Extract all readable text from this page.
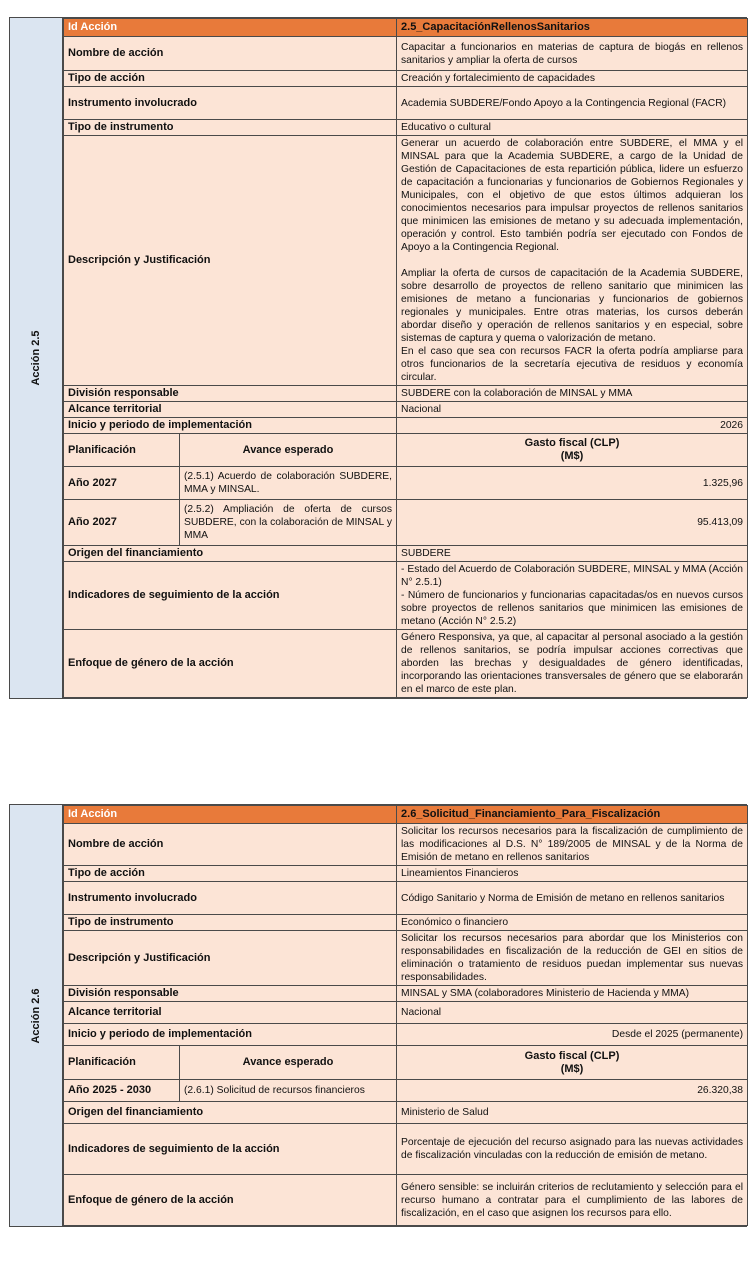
Acción 2.5
Id Acción		2.5_CapacitaciónRellenosSanitarios
Nombre de acción		Capacitar a funcionarios en materias de captura de biogás en rellenos sanitarios y ampliar la oferta de cursos
Tipo de acción		Creación y fortalecimiento de capacidades
Instrumento involucrado		Academia SUBDERE/Fondo Apoyo a la Contingencia Regional (FACR)
Tipo de instrumento		Educativo o cultural
Descripción y Justificación		Generar un acuerdo de colaboración entre SUBDERE, el MMA y el MINSAL para que la Academia SUBDERE, a cargo de la Unidad de Gestión de Capacitaciones de esta repartición pública, lidere un esfuerzo de capacitación a funcionarias y funcionarios de Gobiernos Regionales y Municipales, con el objetivo de que estos últimos adquieran los conocimientos necesarios para impulsar proyectos de rellenos sanitarios que minimicen las emisiones de metano y su adecuada implementación, operación y control. Esto también podría ser ejecutado con Fondos de Apoyo a la Contingencia Regional.
Ampliar la oferta de cursos de capacitación de la Academia SUBDERE, sobre desarrollo de proyectos de relleno sanitario que minimicen las emisiones de metano a funcionarias y funcionarios de gobiernos regionales y municipales. Entre otras materias, los cursos deberán abordar diseño y operación de rellenos sanitarios y en especial, sobre sistemas de captura y quema o valorización de metano.
En el caso que sea con recursos FACR la oferta podría ampliarse para otros funcionarios de la secretaría ejecutiva de residuos y economía circular.

División responsable		SUBDERE con la colaboración de MINSAL y MMA
Alcance territorial		Nacional
Inicio y periodo de implementación		2026
Planificación	Avance esperado	Gasto fiscal (CLP)
(M$)

Año 2027	(2.5.1) Acuerdo de colaboración SUBDERE, MMA y MINSAL.	1.325,96
Año 2027	(2.5.2) Ampliación de oferta de cursos SUBDERE, con la colaboración de MINSAL y MMA	95.413,09
Origen del financiamiento		SUBDERE
Indicadores de seguimiento de la acción		- Estado del Acuerdo de Colaboración SUBDERE, MINSAL y MMA (Acción N° 2.5.1)
- Número de funcionarios y funcionarias capacitadas/os en nuevos cursos sobre proyectos de rellenos sanitarios que minimicen las emisiones de metano (Acción N° 2.5.2)

Enfoque de género de la acción		Género Responsiva, ya que, al capacitar al personal asociado a la gestión de rellenos sanitarios, se podría impulsar acciones correctivas que aborden las brechas y desigualdades de género identificadas, incorporando las orientaciones transversales de género que se elaborarán en el marco de este plan.
Acción 2.6
Id Acción		2.6_Solicitud_Financiamiento_Para_Fiscalización
Nombre de acción		Solicitar los recursos necesarios para la fiscalización de cumplimiento de las modificaciones al D.S. N° 189/2005 de MINSAL y de la Norma de Emisión de metano en rellenos sanitarios
Tipo de acción		Lineamientos Financieros
Instrumento involucrado		Código Sanitario y Norma de Emisión de metano en rellenos sanitarios
Tipo de instrumento		Económico o financiero
Descripción y Justificación		Solicitar los recursos necesarios para abordar que los Ministerios con responsabilidades en fiscalización de la reducción de GEI en sitios de eliminación o tratamiento de residuos puedan implementar sus nuevas responsabilidades.
División responsable		MINSAL y SMA (colaboradores Ministerio de Hacienda y MMA)
Alcance territorial		Nacional
Inicio y periodo de implementación		Desde el 2025 (permanente)
Planificación	Avance esperado	Gasto fiscal (CLP)
(M$)

Año 2025 - 2030	(2.6.1) Solicitud de recursos financieros	26.320,38
Origen del financiamiento		Ministerio de Salud
Indicadores de seguimiento de la acción		Porcentaje de ejecución del recurso asignado para las nuevas actividades de fiscalización vinculadas con la reducción de emisión de metano.
Enfoque de género de la acción		Género sensible: se incluirán criterios de reclutamiento y selección para el recurso humano a contratar para el cumplimiento de las labores de fiscalización, en el caso que asignen los recursos para ello.
